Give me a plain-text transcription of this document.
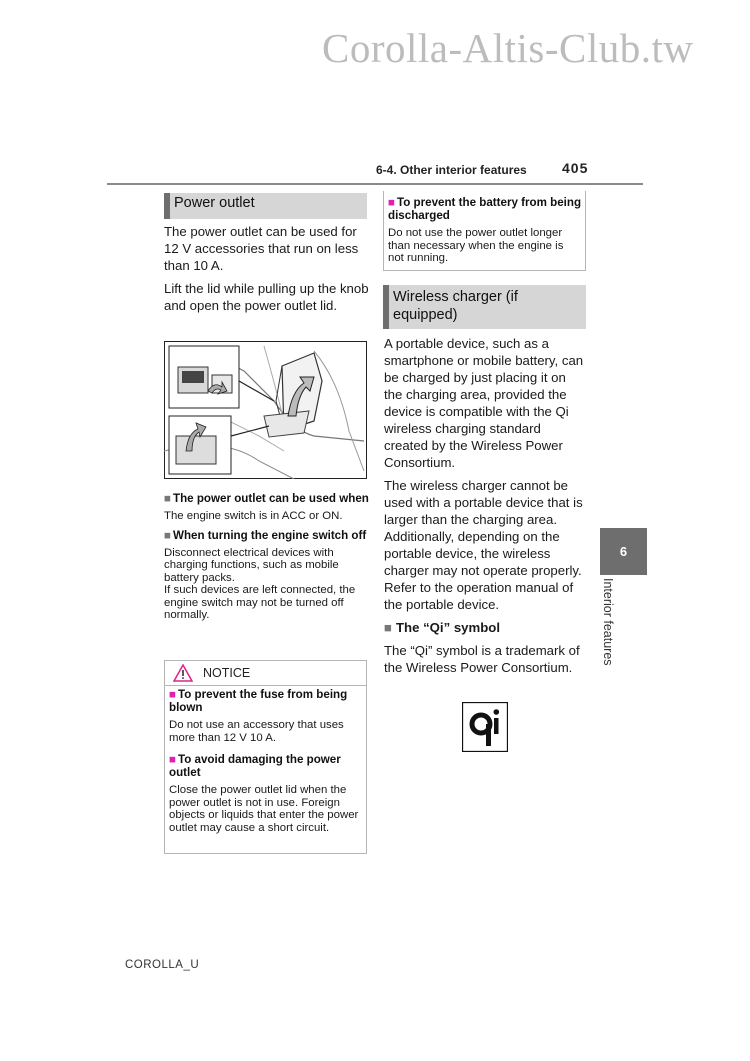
Corolla-Altis-Club.tw
6-4. Other interior features	405
Power outlet

The power outlet can be used for 12 V accessories that run on less than 10 A.

Lift the lid while pulling up the knob and open the power outlet lid.

■ The power outlet can be used when
The engine switch is in ACC or ON.
■ When turning the engine switch off

Disconnect electrical devices with charging functions, such as mobile battery packs.

If such devices are left connected, the engine switch may not be turned off normally.

NOTICE
■ To prevent the fuse from being blown
Do not use an accessory that uses more than 12 V 10 A.
■ To avoid damaging the power outlet
Close the power outlet lid when the power outlet is not in use. Foreign objects or liquids that enter the power outlet may cause a short circuit.
■ To prevent the battery from being discharged
Do not use the power outlet longer than necessary when the engine is not running.
Wireless charger (if equipped)

A portable device, such as a smartphone or mobile battery, can be charged by just placing it on the charging area, provided the device is compatible with the Qi wireless charging standard created by the Wireless Power Consortium.

The wireless charger cannot be used with a portable device that is larger than the charging area. Additionally, depending on the portable device, the wireless charger may not operate properly. Refer to the operation manual of the portable device.

■ The “Qi” symbol

The “Qi” symbol is a trademark of the Wireless Power Consortium.

6
Interior features
COROLLA_U
